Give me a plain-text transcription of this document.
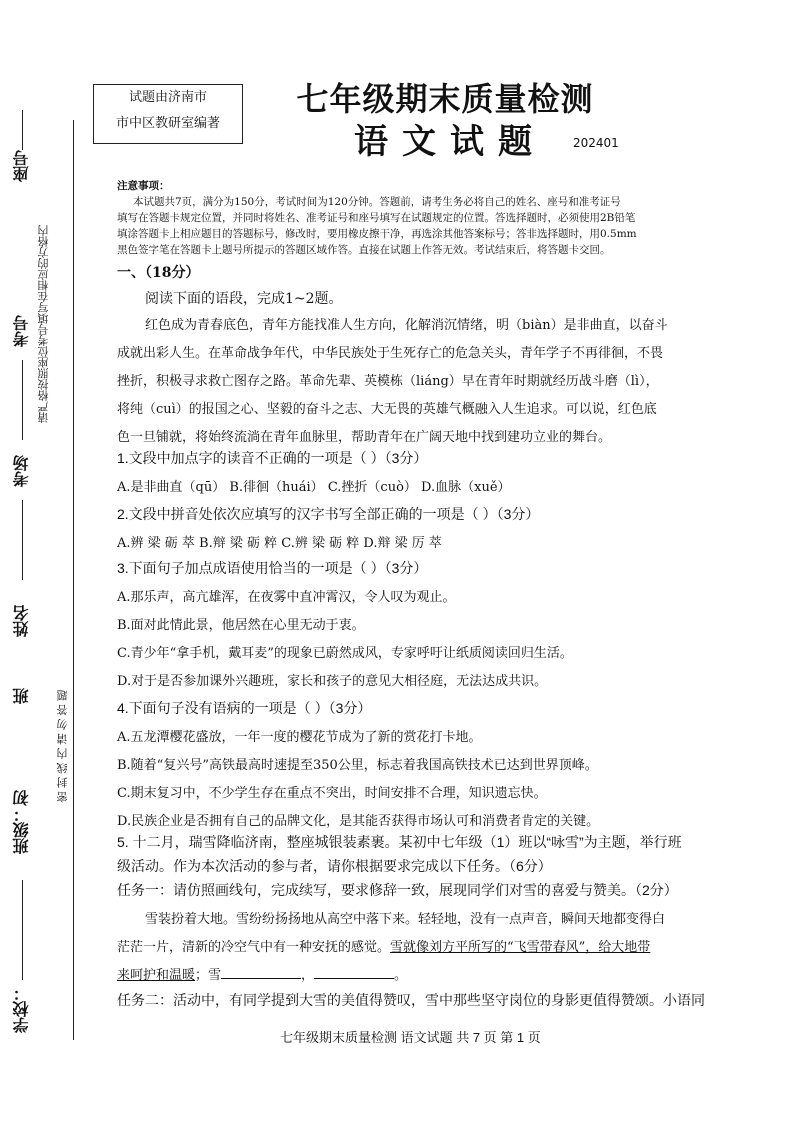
座号
考号
考场
姓名
班
班级：初
学校：
请严格按照座位考号填写在相应的方格内
密 封 线 内 请 勿 答 题
试题由济南市
市中区教研室编著
七年级期末质量检测
语文试题	202401
注意事项：
本试题共7页，满分为150分，考试时间为120分钟。答题前，请考生务必将自己的姓名、座号和准考证号
填写在答题卡规定位置，并同时将姓名、准考证号和座号填写在试题规定的位置。答选择题时，必须使用2B铅笔
填涂答题卡上相应题目的答题标号，修改时，要用橡皮擦干净，再选涂其他答案标号；答非选择题时，用0.5mm
黑色签字笔在答题卡上题号所提示的答题区域作答。直接在试题上作答无效。考试结束后，将答题卡交回。
一、（18分）
阅读下面的语段，完成1~2题。
红色成为青春底色，青年方能找准人生方向，化解消沉情绪，明（biàn）是非曲直，以奋斗
成就出彩人生。在革命战争年代，中华民族处于生死存亡的危急关头，青年学子不再徘徊，不畏
挫折，积极寻求救亡图存之路。革命先辈、英模栋（liáng）早在青年时期就经历战斗磨（lì），
将纯（cuì）的报国之心、坚毅的奋斗之志、大无畏的英雄气概融入人生追求。可以说，红色底
色一旦铺就，将始终流淌在青年血脉里，帮助青年在广阔天地中找到建功立业的舞台。
1.文段中加点字的读音不正确的一项是（ ）（3分）
A.是非曲直（qū） B.徘徊（huái） C.挫折（cuò） D.血脉（xuě）
2.文段中拼音处依次应填写的汉字书写全部正确的一项是（ ）（3分）
A.辨 梁 砺 萃 B.辩 梁 砺 粹 C.辨 梁 砺 粹 D.辩 梁 厉 萃
3.下面句子加点成语使用恰当的一项是（ ）（3分）
A.那乐声，高亢雄浑，在夜雾中直冲霄汉，令人叹为观止。
B.面对此情此景，他居然在心里无动于衷。
C.青少年“拿手机，戴耳麦”的现象已蔚然成风，专家呼吁让纸质阅读回归生活。
D.对于是否参加课外兴趣班，家长和孩子的意见大相径庭，无法达成共识。
4.下面句子没有语病的一项是（ ）（3分）
A.五龙潭樱花盛放，一年一度的樱花节成为了新的赏花打卡地。
B.随着“复兴号”高铁最高时速提至350公里，标志着我国高铁技术已达到世界顶峰。
C.期末复习中，不少学生存在重点不突出，时间安排不合理，知识遗忘快。
D.民族企业是否拥有自己的品牌文化，是其能否获得市场认可和消费者肯定的关键。
5. 十二月，瑞雪降临济南，整座城银装素裹。某初中七年级（1）班以“咏雪”为主题，举行班
级活动。作为本次活动的参与者，请你根据要求完成以下任务。（6分）
任务一：请仿照画线句，完成续写，要求修辞一致，展现同学们对雪的喜爱与赞美。（2分）
雪装扮着大地。雪纷纷扬扬地从高空中落下来。轻轻地，没有一点声音，瞬间天地都变得白
茫茫一片，清新的冷空气中有一种安抚的感觉。雪就像刘方平所写的“飞雪带春风”，给大地带
来呵护和温暖；雪	，	。
任务二：活动中，有同学提到大雪的美值得赞叹，雪中那些坚守岗位的身影更值得赞颂。小语同
七年级期末质量检测 语文试题 共 7 页 第 1 页
